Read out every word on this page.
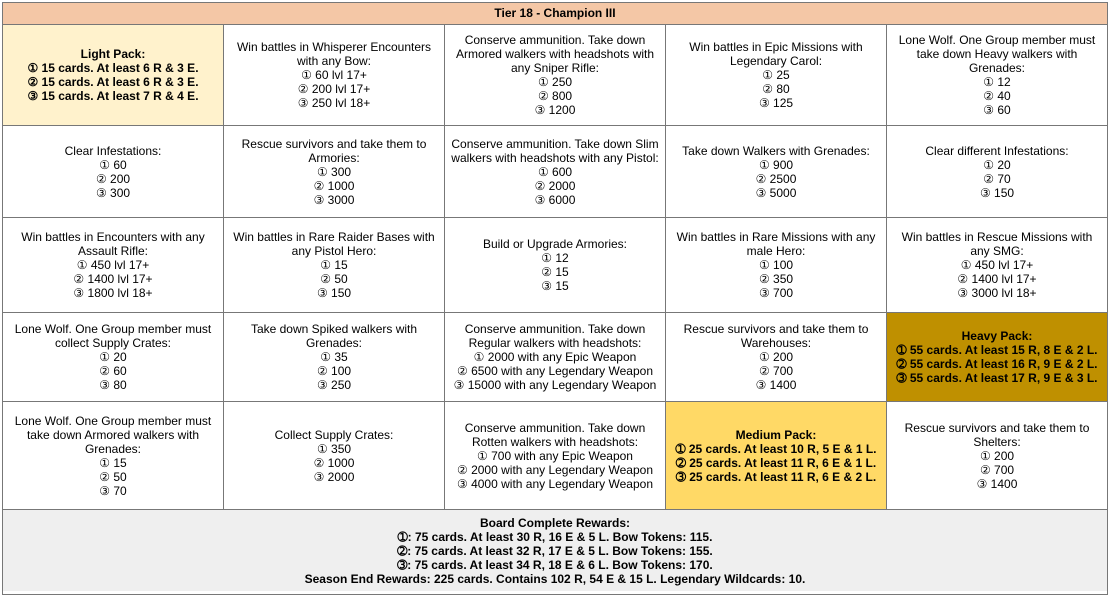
Tier 18 - Champion III
Light Pack:
① 15 cards. At least 6 R & 3 E.
② 15 cards. At least 6 R & 3 E.
③ 15 cards. At least 7 R & 4 E.
Win battles in Whisperer Encounters with any Bow:
① 60 lvl 17+
② 200 lvl 17+
③ 250 lvl 18+
Conserve ammunition. Take down Armored walkers with headshots with any Sniper Rifle:
① 250
② 800
③ 1200
Win battles in Epic Missions with Legendary Carol:
① 25
② 80
③ 125
Lone Wolf. One Group member must take down Heavy walkers with Grenades:
① 12
② 40
③ 60
Clear Infestations:
① 60
② 200
③ 300
Rescue survivors and take them to Armories:
① 300
② 1000
③ 3000
Conserve ammunition. Take down Slim walkers with headshots with any Pistol:
① 600
② 2000
③ 6000
Take down Walkers with Grenades:
① 900
② 2500
③ 5000
Clear different Infestations:
① 20
② 70
③ 150
Win battles in Encounters with any Assault Rifle:
① 450 lvl 17+
② 1400 lvl 17+
③ 1800 lvl 18+
Win battles in Rare Raider Bases with any Pistol Hero:
① 15
② 50
③ 150
Build or Upgrade Armories:
① 12
② 15
③ 15
Win battles in Rare Missions with any male Hero:
① 100
② 350
③ 700
Win battles in Rescue Missions with any SMG:
① 450 lvl 17+
② 1400 lvl 17+
③ 3000 lvl 18+
Lone Wolf. One Group member must collect Supply Crates:
① 20
② 60
③ 80
Take down Spiked walkers with Grenades:
① 35
② 100
③ 250
Conserve ammunition. Take down Regular walkers with headshots:
① 2000 with any Epic Weapon
② 6500 with any Legendary Weapon
③ 15000 with any Legendary Weapon
Rescue survivors and take them to Warehouses:
① 200
② 700
③ 1400
Heavy Pack:
➀ 55 cards. At least 15 R, 8 E & 2 L.
➁ 55 cards. At least 16 R, 9 E & 2 L.
➂ 55 cards. At least 17 R, 9 E & 3 L.
Lone Wolf. One Group member must take down Armored walkers with Grenades:
① 15
② 50
③ 70
Collect Supply Crates:
① 350
② 1000
③ 2000
Conserve ammunition. Take down Rotten walkers with headshots:
① 700 with any Epic Weapon
② 2000 with any Legendary Weapon
③ 4000 with any Legendary Weapon
Medium Pack:
➀ 25 cards. At least 10 R, 5 E & 1 L.
➁ 25 cards. At least 11 R, 6 E & 1 L.
➂ 25 cards. At least 11 R, 6 E & 2 L.
Rescue survivors and take them to Shelters:
① 200
② 700
③ 1400
Board Complete Rewards:
➀: 75 cards. At least 30 R, 16 E & 5 L. Bow Tokens: 115.
➁: 75 cards. At least 32 R, 17 E & 5 L. Bow Tokens: 155.
➂: 75 cards. At least 34 R, 18 E & 6 L. Bow Tokens: 170.
Season End Rewards: 225 cards. Contains 102 R, 54 E & 15 L. Legendary Wildcards: 10.
